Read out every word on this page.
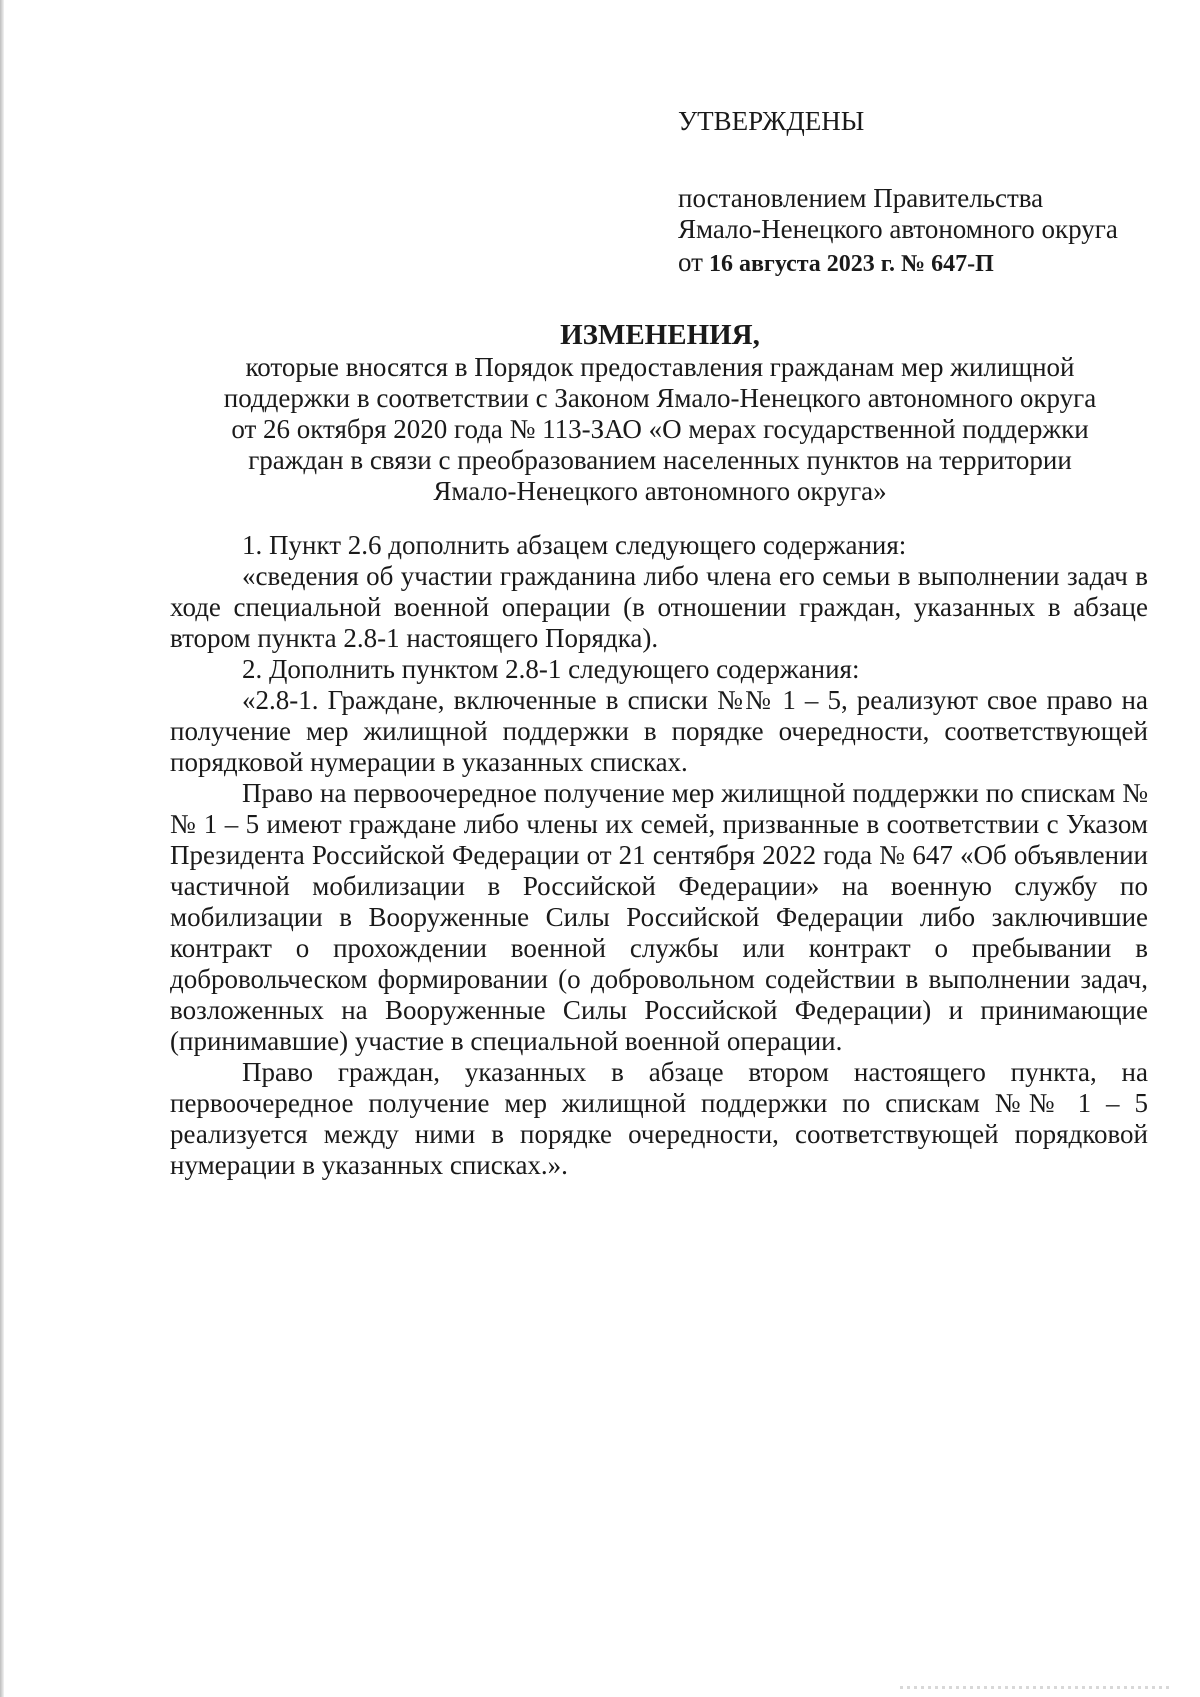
УТВЕРЖДЕНЫ
постановлением Правительства
Ямало-Ненецкого автономного округа
от 16 августа 2023 г. № 647-П
ИЗМЕНЕНИЯ,
которые вносятся в Порядок предоставления гражданам мер жилищной
поддержки в соответствии с Законом Ямало-Ненецкого автономного округа
от 26 октября 2020 года № 113-ЗАО «О мерах государственной поддержки
граждан в связи с преобразованием населенных пунктов на территории
Ямало-Ненецкого автономного округа»

1. Пункт 2.6 дополнить абзацем следующего содержания:

«сведения об участии гражданина либо члена его семьи в выполнении задач в ходе специальной военной операции (в отношении граждан, указанных в абзаце втором пункта 2.8-1 настоящего Порядка).

2. Дополнить пунктом 2.8-1 следующего содержания:

«2.8-1. Граждане, включенные в списки №№ 1 – 5, реализуют свое право на получение мер жилищной поддержки в порядке очередности, соответствующей порядковой нумерации в указанных списках.

Право на первоочередное получение мер жилищной поддержки по спискам №№ 1 – 5 имеют граждане либо члены их семей, призванные в соответствии с Указом Президента Российской Федерации от 21 сентября 2022 года № 647 «Об объявлении частичной мобилизации в Российской Федерации» на военную службу по мобилизации в Вооруженные Силы Российской Федерации либо заключившие контракт о прохождении военной службы или контракт о пребывании в добровольческом формировании (о добровольном содействии в выполнении задач, возложенных на Вооруженные Силы Российской Федерации) и принимающие (принимавшие) участие в специальной военной операции.

Право граждан, указанных в абзаце втором настоящего пункта, на первоочередное получение мер жилищной поддержки по спискам №№ 1 – 5 реализуется между ними в порядке очередности, соответствующей порядковой нумерации в указанных списках.».
